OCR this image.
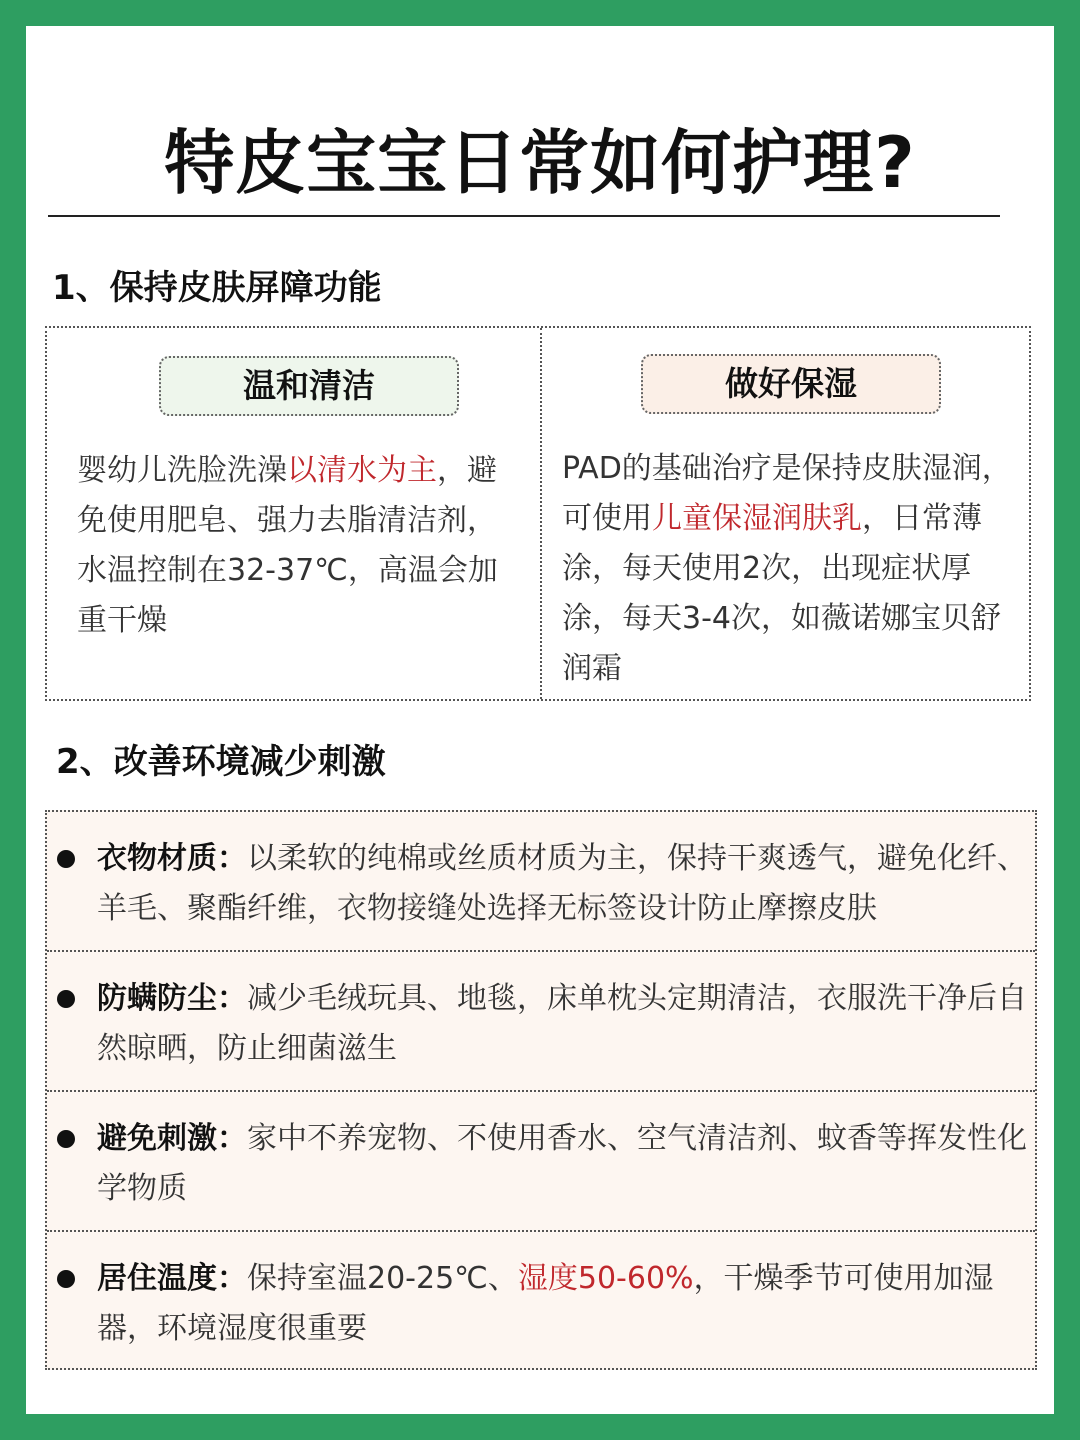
特皮宝宝日常如何护理?
1、保持皮肤屏障功能
温和清洁
婴幼儿洗脸洗澡以清水为主，避免使用肥皂、强力去脂清洁剂，水温控制在32-37℃，高温会加重干燥
做好保湿
PAD的基础治疗是保持皮肤湿润，可使用儿童保湿润肤乳，日常薄涂，每天使用2次，出现症状厚涂，每天3-4次，如薇诺娜宝贝舒润霜
2、改善环境减少刺激
衣物材质：以柔软的纯棉或丝质材质为主，保持干爽透气，避免化纤、羊毛、聚酯纤维，衣物接缝处选择无标签设计防止摩擦皮肤
防螨防尘：减少毛绒玩具、地毯，床单枕头定期清洁，衣服洗干净后自然晾晒，防止细菌滋生
避免刺激：家中不养宠物、不使用香水、空气清洁剂、蚊香等挥发性化学物质
居住温度：保持室温20-25℃、湿度50-60%，干燥季节可使用加湿器，环境湿度很重要
